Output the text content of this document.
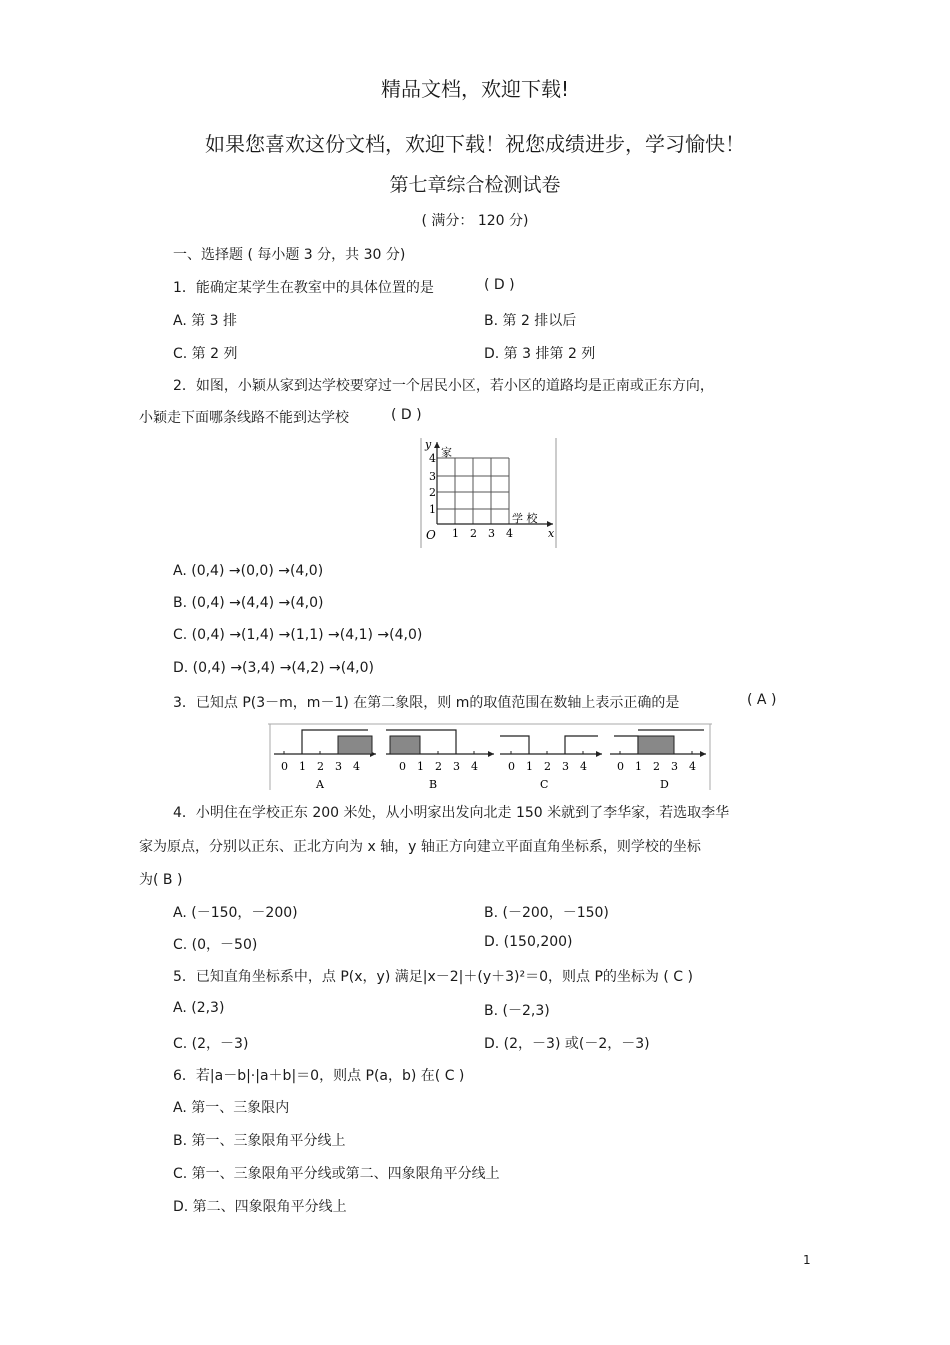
精品文档，欢迎下载!
如果您喜欢这份文档，欢迎下载！祝您成绩进步，学习愉快！
第七章综合检测试卷
( 满分： 120 分)
一、选择题 ( 每小题 3 分，共 30 分)
1．能确定某学生在教室中的具体位置的是	( D )
A. 第 3 排	B. 第 2 排以后
C. 第 2 列	D. 第 3 排第 2 列
2．如图，小颖从家到达学校要穿过一个居民小区，若小区的道路均是正南或正东方向，
小颖走下面哪条线路不能到达学校	( D )
y
x
O
家
学 校
4
3
2
1
1 2 3 4
A. (0,4) →(0,0) →(4,0)
B. (0,4) →(4,4) →(4,0)
C. (0,4) →(1,4) →(1,1) →(4,1) →(4,0)
D. (0,4) →(3,4) →(4,2) →(4,0)
3．已知点 P(3－m，m－1) 在第二象限，则 m的取值范围在数轴上表示正确的是	( A )
0 1 2 3 4
A
0 1 2 3 4
B
0 1 2 3 4
C
0 1 2 3 4
D
4．小明住在学校正东 200 米处，从小明家出发向北走 150 米就到了李华家，若选取李华
家为原点，分别以正东、正北方向为 x 轴，y 轴正方向建立平面直角坐标系，则学校的坐标
为( B )
A. (－150，－200)	B. (－200，－150)
C. (0，－50)	D. (150,200)
5．已知直角坐标系中，点 P(x，y) 满足|x－2|＋(y＋3)²＝0，则点 P的坐标为 ( C )
A. (2,3)	B. (－2,3)
C. (2，－3)	D. (2，－3) 或(－2，－3)
6．若|a－b|·|a＋b|＝0，则点 P(a，b) 在( C )
A. 第一、三象限内
B. 第一、三象限角平分线上
C. 第一、三象限角平分线或第二、四象限角平分线上
D. 第二、四象限角平分线上
1
